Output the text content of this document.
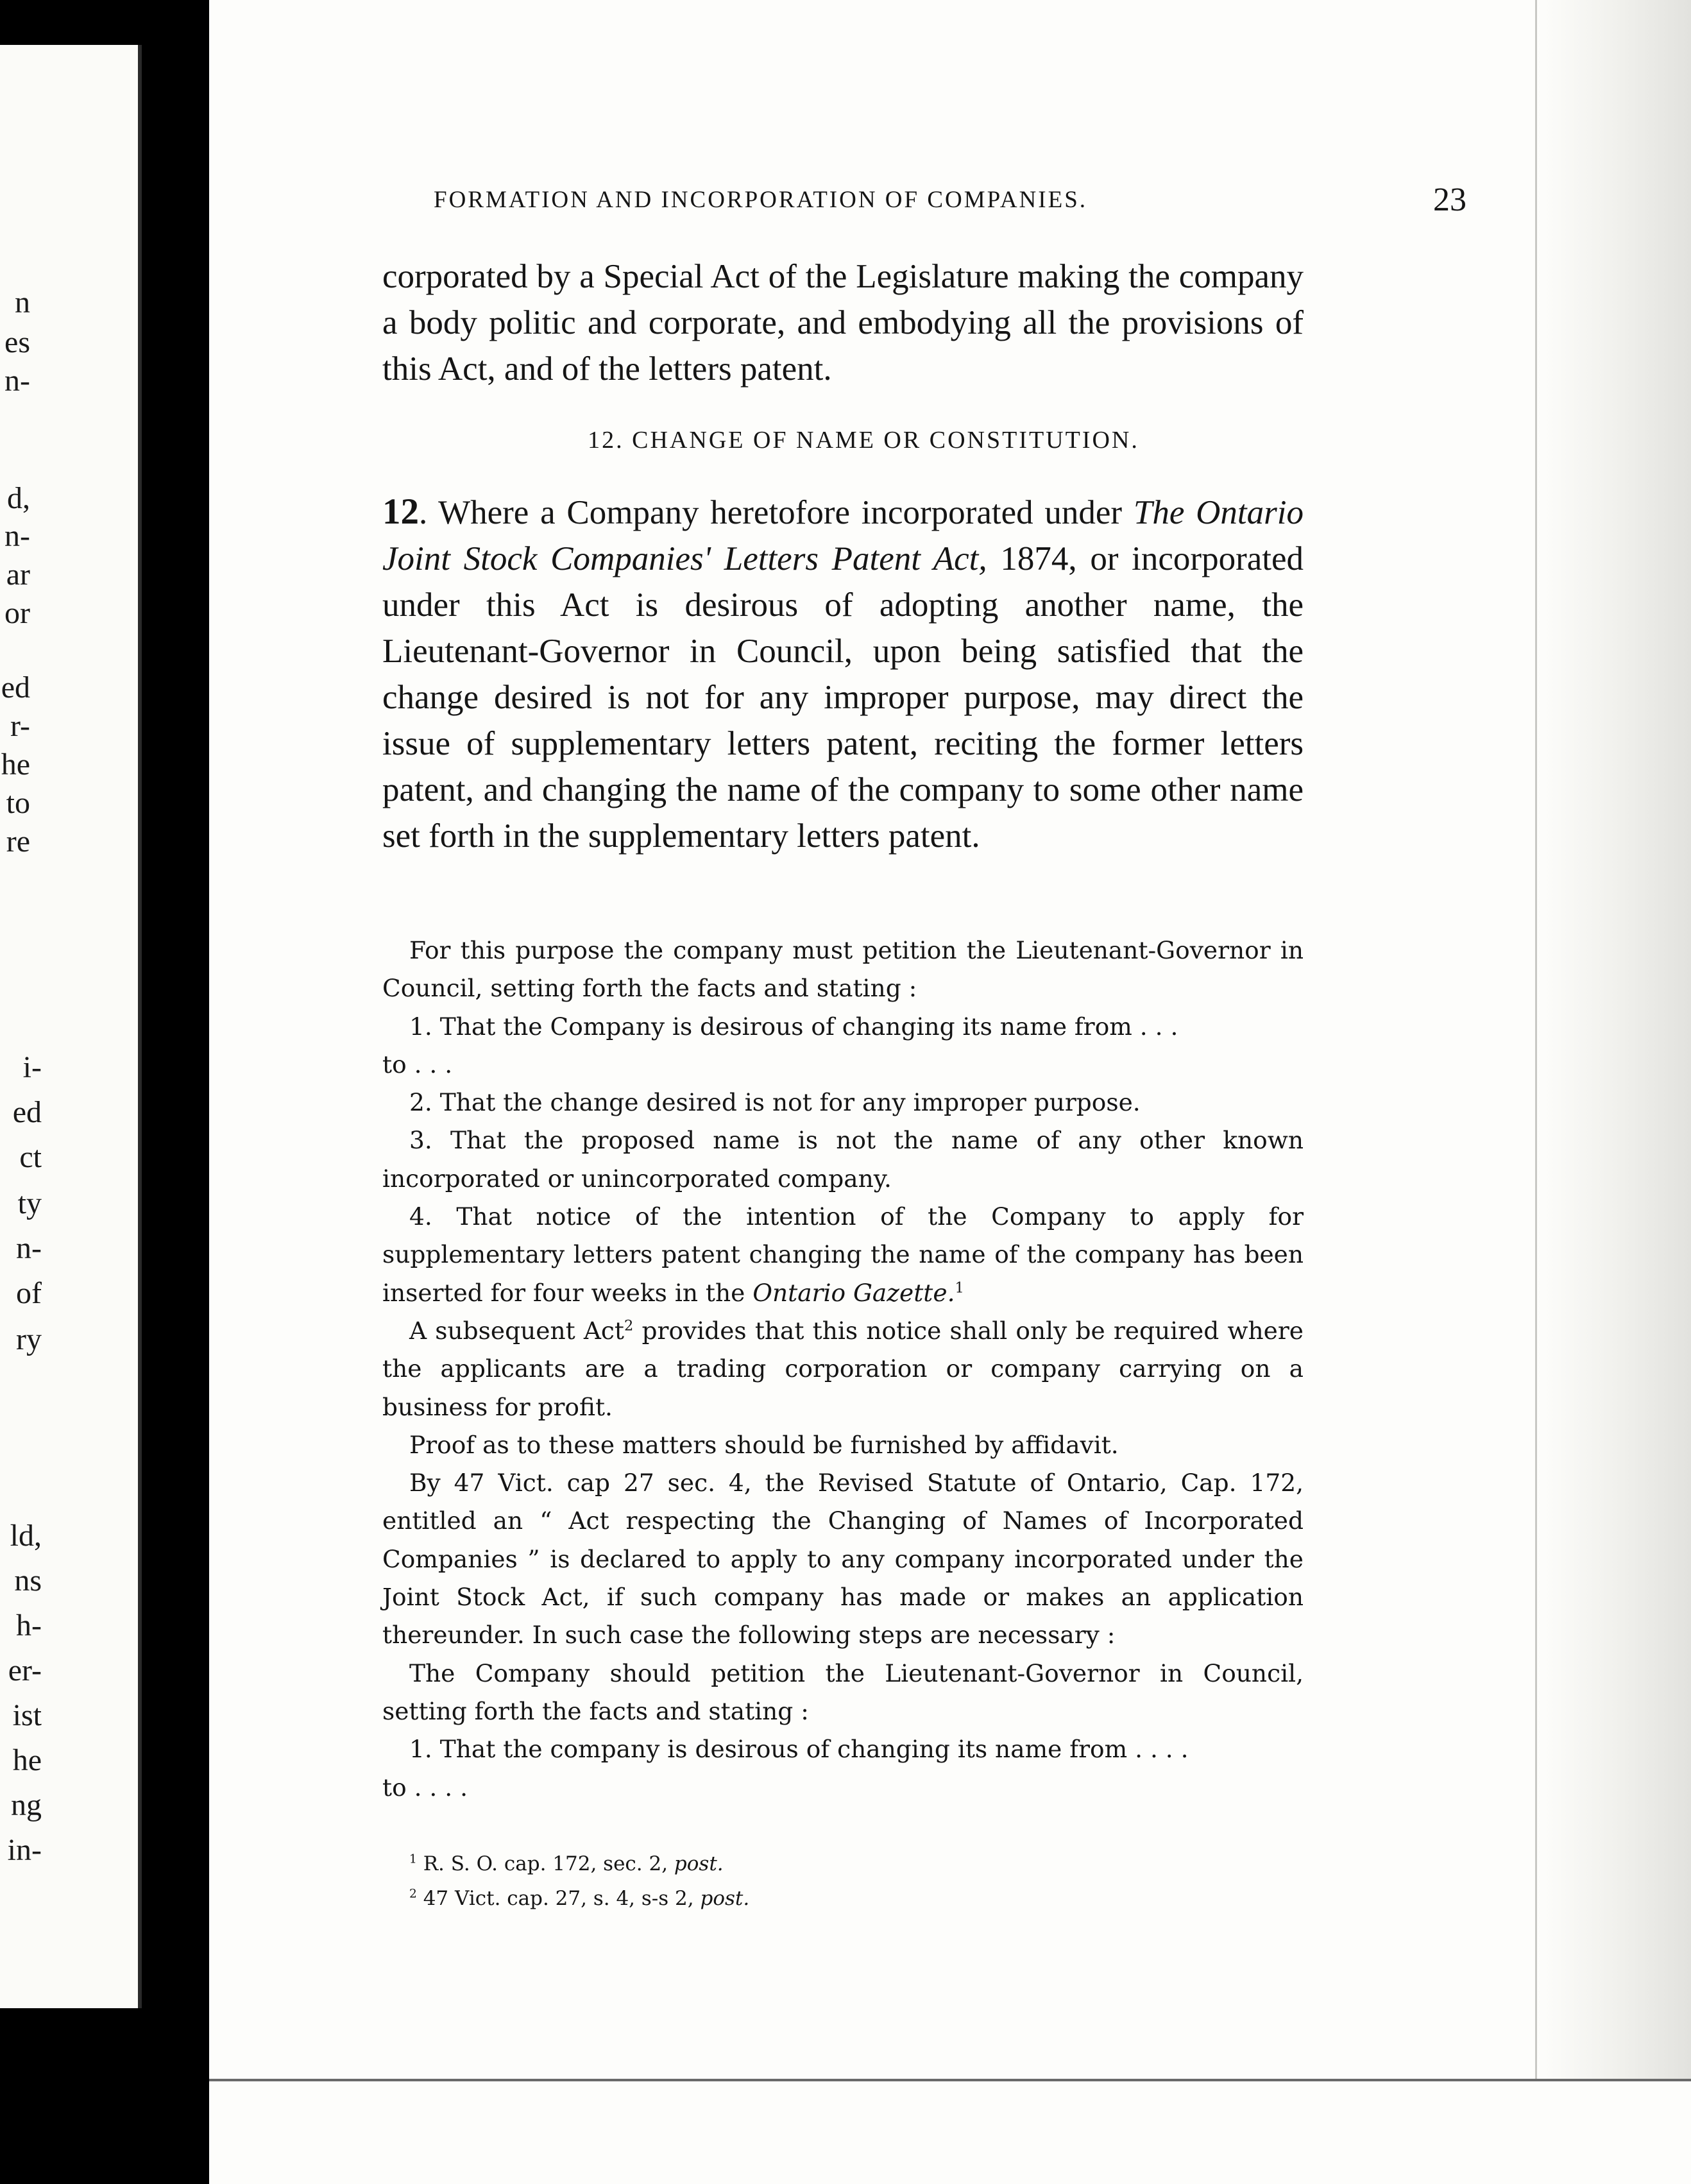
n
es
n-
d,
n-
ar
or
ed
r-
he
to
re
i-
ed
ct
ty
n-
of
ry
ld,
ns
h-
er-
ist
he
ng
in-
FORMATION AND INCORPORATION OF COMPANIES.	23

corporated by a Special Act of the Legislature making the company a body politic and corporate, and embodying all the provisions of this Act, and of the letters patent.

12. CHANGE OF NAME OR CONSTITUTION.

12. Where a Company heretofore incorporated under The Ontario Joint Stock Companies' Letters Patent Act, 1874, or incorporated under this Act is desirous of adopting another name, the Lieutenant-Governor in Council, upon being satisfied that the change desired is not for any improper purpose, may direct the issue of supplementary letters patent, reciting the former letters patent, and changing the name of the company to some other name set forth in the supplementary letters patent.

For this purpose the company must petition the Lieutenant-Governor in Council, setting forth the facts and stating :

1. That the Company is desirous of changing its name from . . .

to . . .

2. That the change desired is not for any improper purpose.

3. That the proposed name is not the name of any other known incorporated or unincorporated company.

4. That notice of the intention of the Company to apply for supplementary letters patent changing the name of the company has been inserted for four weeks in the Ontario Gazette.$^1$

A subsequent Act$^2$ provides that this notice shall only be required where the applicants are a trading corporation or company carrying on a business for profit.

Proof as to these matters should be furnished by affidavit.

By 47 Vict. cap 27 sec. 4, the Revised Statute of Ontario, Cap. 172, entitled an “ Act respecting the Changing of Names of Incorporated Companies ” is declared to apply to any company incorporated under the Joint Stock Act, if such company has made or makes an application thereunder. In such case the following steps are necessary :

The Company should petition the Lieutenant-Governor in Council, setting forth the facts and stating :

1. That the company is desirous of changing its name from . . . .

to . . . .

$^1$ R. S. O. cap. 172, sec. 2, post.

$^2$ 47 Vict. cap. 27, s. 4, s-s 2, post.
